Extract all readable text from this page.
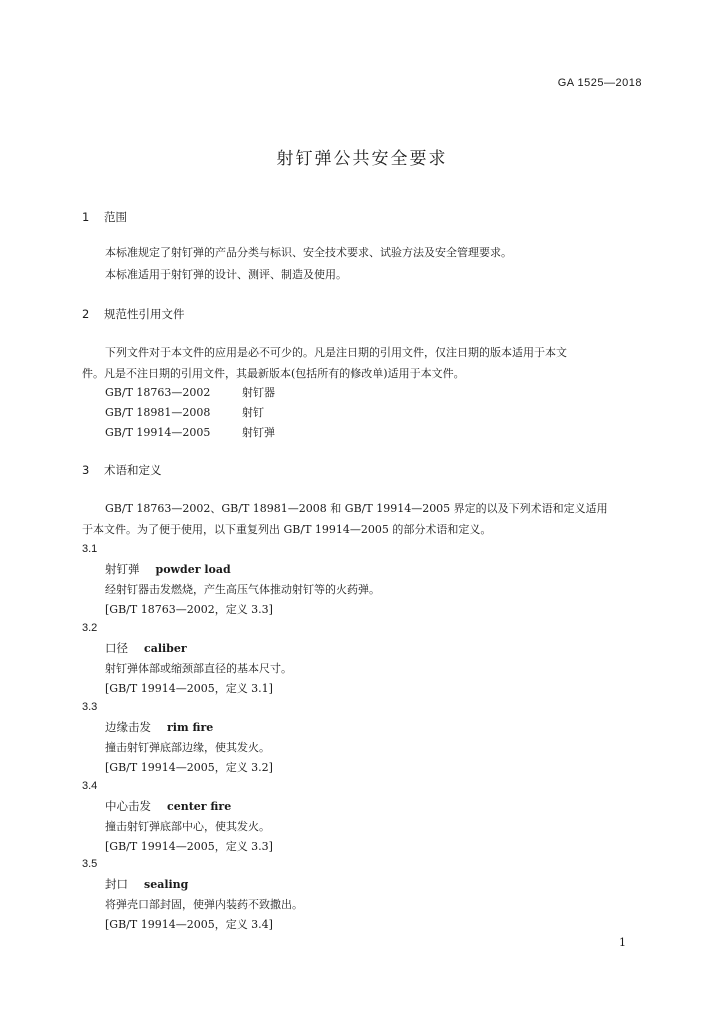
GA 1525—2018
射钉弹公共安全要求
1 范围
本标准规定了射钉弹的产品分类与标识、安全技术要求、试验方法及安全管理要求。
本标准适用于射钉弹的设计、测评、制造及使用。
2 规范性引用文件
下列文件对于本文件的应用是必不可少的。凡是注日期的引用文件，仅注日期的版本适用于本文
件。凡是不注日期的引用文件，其最新版本(包括所有的修改单)适用于本文件。
GB/T 18763—2002	射钉器
GB/T 18981—2008	射钉
GB/T 19914—2005	射钉弹
3 术语和定义
GB/T 18763—2002、GB/T 18981—2008 和 GB/T 19914—2005 界定的以及下列术语和定义适用
于本文件。为了便于使用，以下重复列出 GB/T 19914—2005 的部分术语和定义。
3.1
射钉弹 powder load
经射钉器击发燃烧，产生高压气体推动射钉等的火药弹。
[GB/T 18763—2002，定义 3.3]
3.2
口径 caliber
射钉弹体部或缩颈部直径的基本尺寸。
[GB/T 19914—2005，定义 3.1]
3.3
边缘击发 rim fire
撞击射钉弹底部边缘，使其发火。
[GB/T 19914—2005，定义 3.2]
3.4
中心击发 center fire
撞击射钉弹底部中心，使其发火。
[GB/T 19914—2005，定义 3.3]
3.5
封口 sealing
将弹壳口部封固，使弹内装药不致撒出。
[GB/T 19914—2005，定义 3.4]
1
